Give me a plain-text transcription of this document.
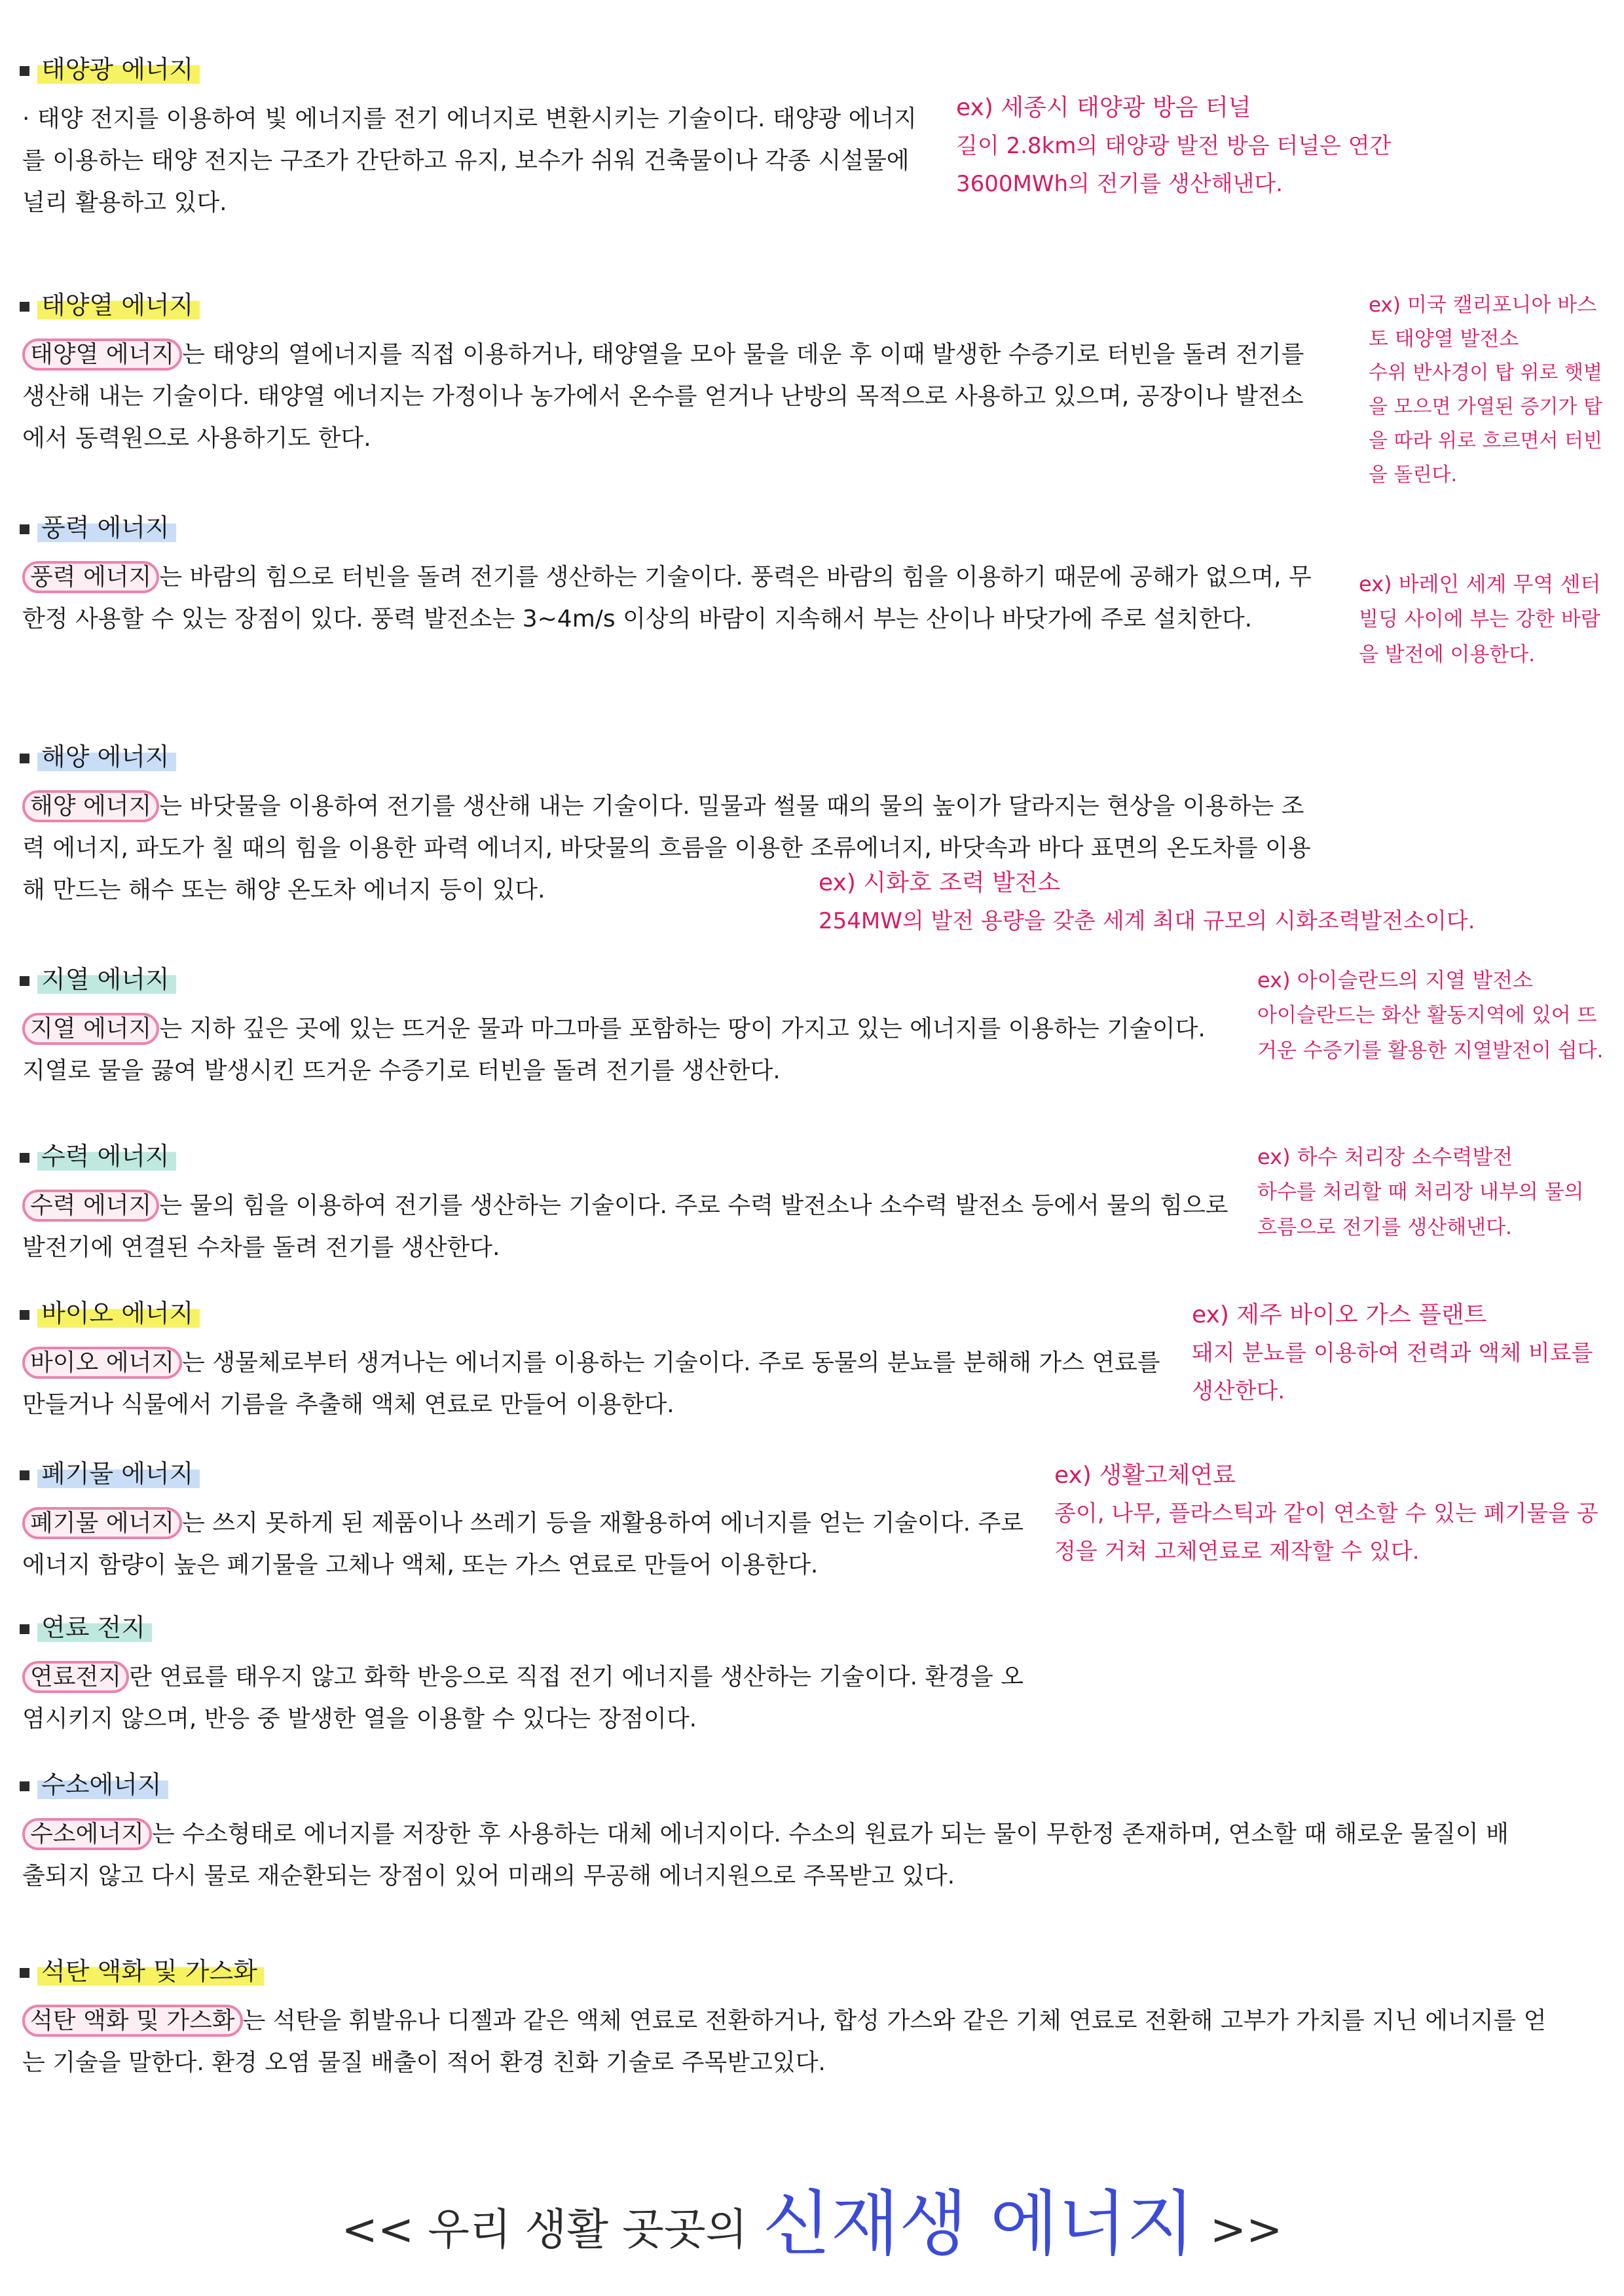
태양광 에너지

· 태양 전지를 이용하여 빛 에너지를 전기 에너지로 변환시키는 기술이다. 태양광 에너지를 이용하는 태양 전지는 구조가 간단하고 유지, 보수가 쉬워 건축물이나 각종 시설물에 널리 활용하고 있다.

ex) 세종시 태양광 방음 터널

길이 2.8km의 태양광 발전 방음 터널은 연간 3600MWh의 전기를 생산해낸다.

태양열 에너지

태양열 에너지 는 태양의 열에너지를 직접 이용하거나, 태양열을 모아 물을 데운 후 이때 발생한 수증기로 터빈을 돌려 전기를 생산해 내는 기술이다. 태양열 에너지는 가정이나 농가에서 온수를 얻거나 난방의 목적으로 사용하고 있으며, 공장이나 발전소에서 동력원으로 사용하기도 한다.

ex) 미국 캘리포니아 바스토 태양열 발전소

수위 반사경이 탑 위로 햇볕을 모으면 가열된 증기가 탑을 따라 위로 흐르면서 터빈을 돌린다.

풍력 에너지

풍력 에너지 는 바람의 힘으로 터빈을 돌려 전기를 생산하는 기술이다. 풍력은 바람의 힘을 이용하기 때문에 공해가 없으며, 무한정 사용할 수 있는 장점이 있다. 풍력 발전소는 3~4m/s 이상의 바람이 지속해서 부는 산이나 바닷가에 주로 설치한다.

ex) 바레인 세계 무역 센터

빌딩 사이에 부는 강한 바람을 발전에 이용한다.

해양 에너지

해양 에너지 는 바닷물을 이용하여 전기를 생산해 내는 기술이다. 밀물과 썰물 때의 물의 높이가 달라지는 현상을 이용하는 조력 에너지, 파도가 칠 때의 힘을 이용한 파력 에너지, 바닷물의 흐름을 이용한 조류에너지, 바닷속과 바다 표면의 온도차를 이용해 만드는 해수 또는 해양 온도차 에너지 등이 있다.	ex) 시화호 조력 발전소

254MW의 발전 용량을 갖춘 세계 최대 규모의 시화조력발전소이다.

지열 에너지

지열 에너지 는 지하 깊은 곳에 있는 뜨거운 물과 마그마를 포함하는 땅이 가지고 있는 에너지를 이용하는 기술이다. 지열로 물을 끓여 발생시킨 뜨거운 수증기로 터빈을 돌려 전기를 생산한다.

ex) 아이슬란드의 지열 발전소

아이슬란드는 화산 활동지역에 있어 뜨거운 수증기를 활용한 지열발전이 쉽다.

수력 에너지

수력 에너지 는 물의 힘을 이용하여 전기를 생산하는 기술이다. 주로 수력 발전소나 소수력 발전소 등에서 물의 힘으로 발전기에 연결된 수차를 돌려 전기를 생산한다.

ex) 하수 처리장 소수력발전

하수를 처리할 때 처리장 내부의 물의 흐름으로 전기를 생산해낸다.

바이오 에너지

바이오 에너지 는 생물체로부터 생겨나는 에너지를 이용하는 기술이다. 주로 동물의 분뇨를 분해해 가스 연료를 만들거나 식물에서 기름을 추출해 액체 연료로 만들어 이용한다.

ex) 제주 바이오 가스 플랜트

돼지 분뇨를 이용하여 전력과 액체 비료를 생산한다.

폐기물 에너지

폐기물 에너지 는 쓰지 못하게 된 제품이나 쓰레기 등을 재활용하여 에너지를 얻는 기술이다. 주로 에너지 함량이 높은 폐기물을 고체나 액체, 또는 가스 연료로 만들어 이용한다.

ex) 생활고체연료

종이, 나무, 플라스틱과 같이 연소할 수 있는 폐기물을 공정을 거쳐 고체연료로 제작할 수 있다.

연료 전지

연료전지 란 연료를 태우지 않고 화학 반응으로 직접 전기 에너지를 생산하는 기술이다. 환경을 오염시키지 않으며, 반응 중 발생한 열을 이용할 수 있다는 장점이다.

수소에너지

수소에너지 는 수소형태로 에너지를 저장한 후 사용하는 대체 에너지이다. 수소의 원료가 되는 물이 무한정 존재하며, 연소할 때 해로운 물질이 배출되지 않고 다시 물로 재순환되는 장점이 있어 미래의 무공해 에너지원으로 주목받고 있다.

석탄 액화 및 가스화

석탄 액화 및 가스화 는 석탄을 휘발유나 디젤과 같은 액체 연료로 전환하거나, 합성 가스와 같은 기체 연료로 전환해 고부가 가치를 지닌 에너지를 얻는 기술을 말한다. 환경 오염 물질 배출이 적어 환경 친화 기술로 주목받고있다.

<< 우리 생활 곳곳의 신재생 에너지 >>
